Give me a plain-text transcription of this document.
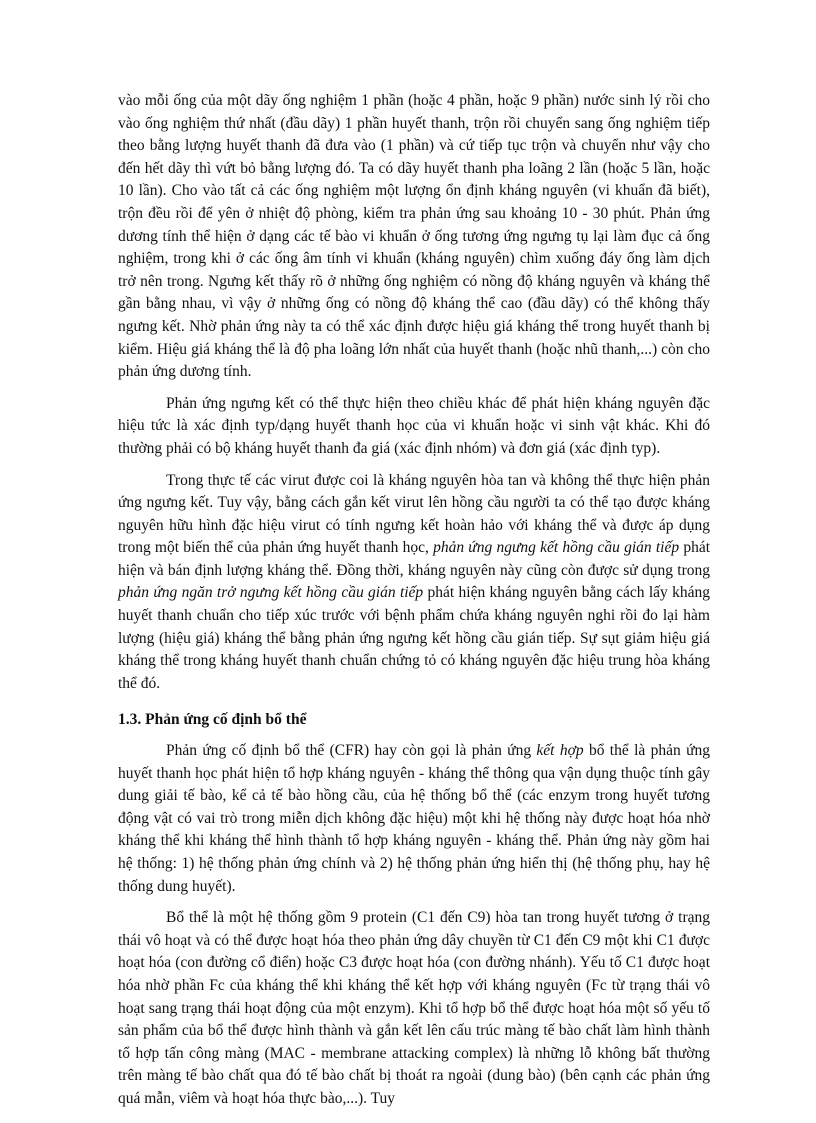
vào mỗi ống của một dãy ống nghiệm 1 phần (hoặc 4 phần, hoặc 9 phần) nước sinh lý rồi cho vào ống nghiệm thứ nhất (đầu dãy) 1 phần huyết thanh, trộn rồi chuyển sang ống nghiệm tiếp theo bằng lượng huyết thanh đã đưa vào (1 phần) và cứ tiếp tục trộn và chuyển như vậy cho đến hết dãy thì vứt bỏ bằng lượng đó. Ta có dãy huyết thanh pha loãng 2 lần (hoặc 5 lần, hoặc 10 lần). Cho vào tất cả các ống nghiệm một lượng ổn định kháng nguyên (vi khuẩn đã biết), trộn đều rồi để yên ở nhiệt độ phòng, kiểm tra phản ứng sau khoảng 10 - 30 phút. Phản ứng dương tính thể hiện ở dạng các tế bào vi khuẩn ở ống tương ứng ngưng tụ lại làm đục cả ống nghiệm, trong khi ở các ống âm tính vi khuẩn (kháng nguyên) chìm xuống đáy ống làm dịch trở nên trong. Ngưng kết thấy rõ ở những ống nghiệm có nồng độ kháng nguyên và kháng thể gần bằng nhau, vì vậy ở những ống có nồng độ kháng thể cao (đầu dãy) có thể không thấy ngưng kết. Nhờ phản ứng này ta có thể xác định được hiệu giá kháng thể trong huyết thanh bị kiểm. Hiệu giá kháng thể là độ pha loãng lớn nhất của huyết thanh (hoặc nhũ thanh,...) còn cho phản ứng dương tính.

Phản ứng ngưng kết có thể thực hiện theo chiều khác để phát hiện kháng nguyên đặc hiệu tức là xác định typ/dạng huyết thanh học của vi khuẩn hoặc vi sinh vật khác. Khi đó thường phải có bộ kháng huyết thanh đa giá (xác định nhóm) và đơn giá (xác định typ).

Trong thực tế các virut được coi là kháng nguyên hòa tan và không thể thực hiện phản ứng ngưng kết. Tuy vậy, bằng cách gắn kết virut lên hồng cầu người ta có thể tạo được kháng nguyên hữu hình đặc hiệu virut có tính ngưng kết hoàn hảo với kháng thể và được áp dụng trong một biến thể của phản ứng huyết thanh học, phản ứng ngưng kết hồng cầu gián tiếp phát hiện và bán định lượng kháng thể. Đồng thời, kháng nguyên này cũng còn được sử dụng trong phản ứng ngăn trở ngưng kết hồng cầu gián tiếp phát hiện kháng nguyên bằng cách lấy kháng huyết thanh chuẩn cho tiếp xúc trước với bệnh phẩm chứa kháng nguyên nghi rồi đo lại hàm lượng (hiệu giá) kháng thể bằng phản ứng ngưng kết hồng cầu gián tiếp. Sự sụt giảm hiệu giá kháng thể trong kháng huyết thanh chuẩn chứng tỏ có kháng nguyên đặc hiệu trung hòa kháng thể đó.

1.3. Phản ứng cố định bổ thể

Phản ứng cố định bổ thể (CFR) hay còn gọi là phản ứng kết hợp bổ thể là phản ứng huyết thanh học phát hiện tổ hợp kháng nguyên - kháng thể thông qua vận dụng thuộc tính gây dung giải tế bào, kể cả tế bào hồng cầu, của hệ thống bổ thể (các enzym trong huyết tương động vật có vai trò trong miễn dịch không đặc hiệu) một khi hệ thống này được hoạt hóa nhờ kháng thể khi kháng thể hình thành tổ hợp kháng nguyên - kháng thể. Phản ứng này gồm hai hệ thống: 1) hệ thống phản ứng chính và 2) hệ thống phản ứng hiển thị (hệ thống phụ, hay hệ thống dung huyết).

Bổ thể là một hệ thống gồm 9 protein (C1 đến C9) hòa tan trong huyết tương ở trạng thái vô hoạt và có thể được hoạt hóa theo phản ứng dây chuyền từ C1 đến C9 một khi C1 được hoạt hóa (con đường cổ điển) hoặc C3 được hoạt hóa (con đường nhánh). Yếu tố C1 được hoạt hóa nhờ phần Fc của kháng thể khi kháng thể kết hợp với kháng nguyên (Fc từ trạng thái vô hoạt sang trạng thái hoạt động của một enzym). Khi tổ hợp bổ thể được hoạt hóa một số yếu tố sản phẩm của bổ thể được hình thành và gắn kết lên cấu trúc màng tế bào chất làm hình thành tổ hợp tấn công màng (MAC - membrane attacking complex) là những lỗ không bất thường trên màng tế bào chất qua đó tế bào chất bị thoát ra ngoài (dung bào) (bên cạnh các phản ứng quá mẫn, viêm và hoạt hóa thực bào,...). Tuy
